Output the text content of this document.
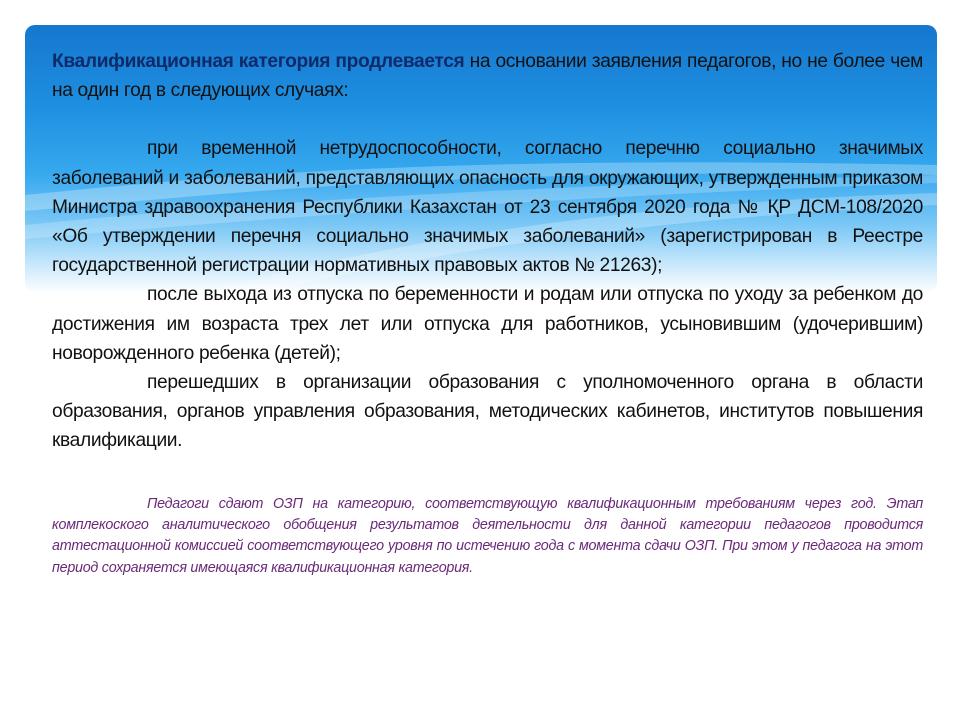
Квалификационная категория продлевается на основании заявления педагогов, но не более чем на один год в следующих случаях:

при временной нетрудоспособности, согласно перечню социально значимых заболеваний и заболеваний, представляющих опасность для окружающих, утвержденным приказом Министра здравоохранения Республики Казахстан от 23 сентября 2020 года № ҚР ДСМ-108/2020 «Об утверждении перечня социально значимых заболеваний» (зарегистрирован в Реестре государственной регистрации нормативных правовых актов № 21263);

после выхода из отпуска по беременности и родам или отпуска по уходу за ребенком до достижения им возраста трех лет или отпуска для работников, усыновившим (удочерившим) новорожденного ребенка (детей);

перешедших в организации образования с уполномоченного органа в области образования, органов управления образования, методических кабинетов, институтов повышения квалификации.

Педагоги сдают ОЗП на категорию, соответствующую квалификационным требованиям через год. Этап комплекоского аналитического обобщения результатов деятельности для данной категории педагогов проводится аттестационной комиссией соответствующего уровня по истечению года с момента сдачи ОЗП. При этом у педагога на этот период сохраняется имеющаяся квалификационная категория.
